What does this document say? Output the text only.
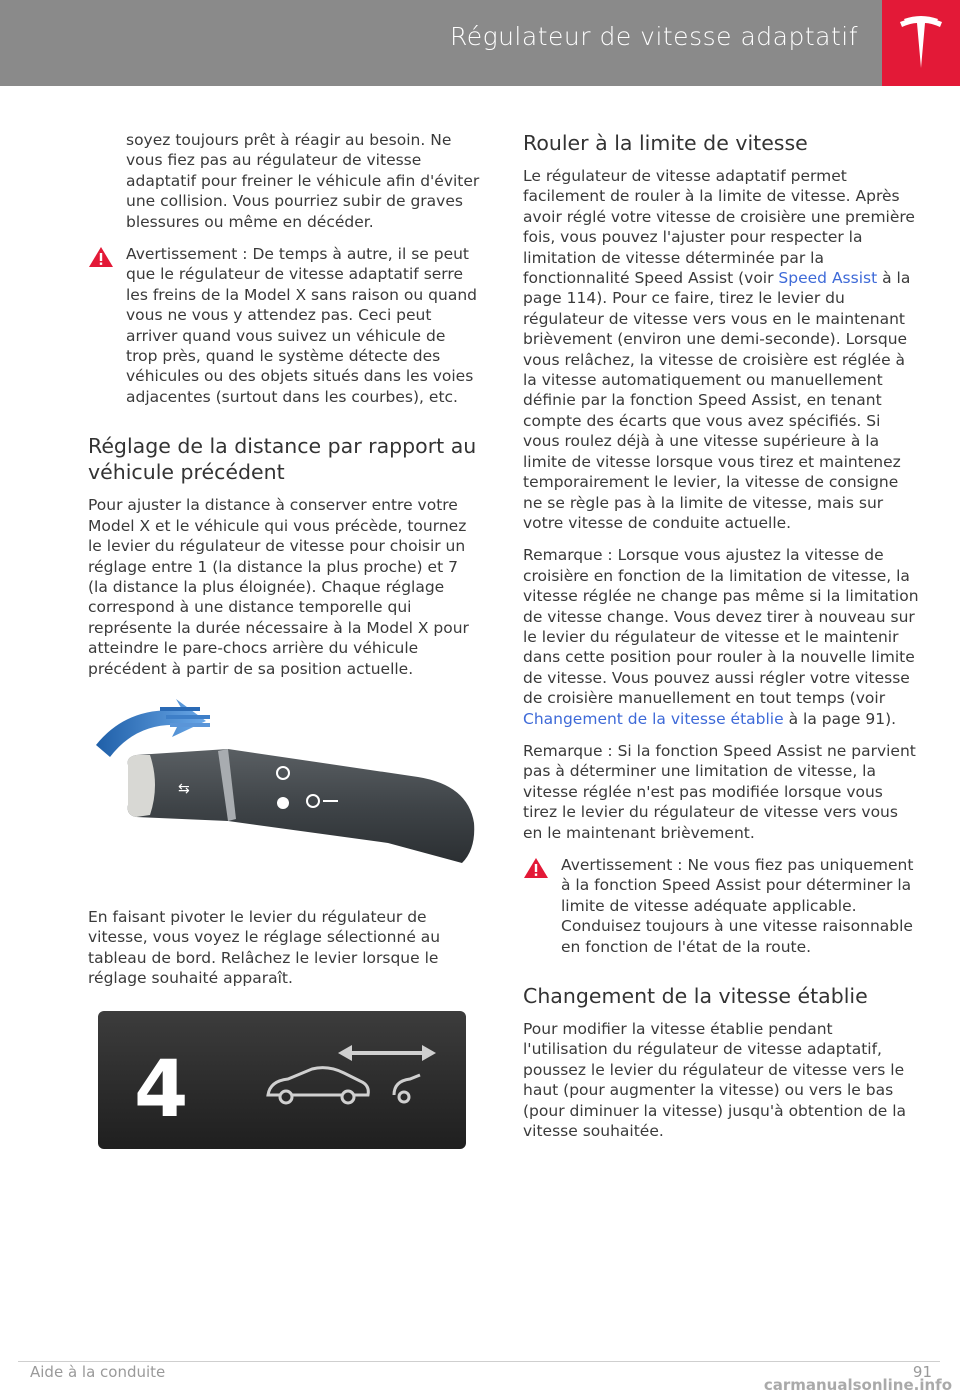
Régulateur de vitesse adaptatif

soyez toujours prêt à réagir au besoin. Ne vous fiez pas au régulateur de vitesse adaptatif pour freiner le véhicule afin d'éviter une collision. Vous pourriez subir de graves blessures ou même en décéder.

Avertissement : De temps à autre, il se peut que le régulateur de vitesse adaptatif serre les freins de la Model X sans raison ou quand vous ne vous y attendez pas. Ceci peut arriver quand vous suivez un véhicule de trop près, quand le système détecte des véhicules ou des objets situés dans les voies adjacentes (surtout dans les courbes), etc.

Réglage de la distance par rapport au véhicule précédent

Pour ajuster la distance à conserver entre votre Model X et le véhicule qui vous précède, tournez le levier du régulateur de vitesse pour choisir un réglage entre 1 (la distance la plus proche) et 7 (la distance la plus éloignée). Chaque réglage correspond à une distance temporelle qui représente la durée nécessaire à la Model X pour atteindre le pare-chocs arrière du véhicule précédent à partir de sa position actuelle.

⇆

En faisant pivoter le levier du régulateur de vitesse, vous voyez le réglage sélectionné au tableau de bord. Relâchez le levier lorsque le réglage souhaité apparaît.

4
Rouler à la limite de vitesse

Le régulateur de vitesse adaptatif permet facilement de rouler à la limite de vitesse. Après avoir réglé votre vitesse de croisière une première fois, vous pouvez l'ajuster pour respecter la limitation de vitesse déterminée par la fonctionnalité Speed Assist (voir Speed Assist à la page 114). Pour ce faire, tirez le levier du régulateur de vitesse vers vous en le maintenant brièvement (environ une demi-seconde). Lorsque vous relâchez, la vitesse de croisière est réglée à la vitesse automatiquement ou manuellement définie par la fonction Speed Assist, en tenant compte des écarts que vous avez spécifiés. Si vous roulez déjà à une vitesse supérieure à la limite de vitesse lorsque vous tirez et maintenez temporairement le levier, la vitesse de consigne ne se règle pas à la limite de vitesse, mais sur votre vitesse de conduite actuelle.

Remarque : Lorsque vous ajustez la vitesse de croisière en fonction de la limitation de vitesse, la vitesse réglée ne change pas même si la limitation de vitesse change. Vous devez tirer à nouveau sur le levier du régulateur de vitesse et le maintenir dans cette position pour rouler à la nouvelle limite de vitesse. Vous pouvez aussi régler votre vitesse de croisière manuellement en tout temps (voir Changement de la vitesse établie à la page 91).

Remarque : Si la fonction Speed Assist ne parvient pas à déterminer une limitation de vitesse, la vitesse réglée n'est pas modifiée lorsque vous tirez le levier du régulateur de vitesse vers vous en le maintenant brièvement.

Avertissement : Ne vous fiez pas uniquement à la fonction Speed Assist pour déterminer la limite de vitesse adéquate applicable. Conduisez toujours à une vitesse raisonnable en fonction de l'état de la route.

Changement de la vitesse établie

Pour modifier la vitesse établie pendant l'utilisation du régulateur de vitesse adaptatif, poussez le levier du régulateur de vitesse vers le haut (pour augmenter la vitesse) ou vers le bas (pour diminuer la vitesse) jusqu'à obtention de la vitesse souhaitée.

Aide à la conduite	91
carmanualsonline.info
